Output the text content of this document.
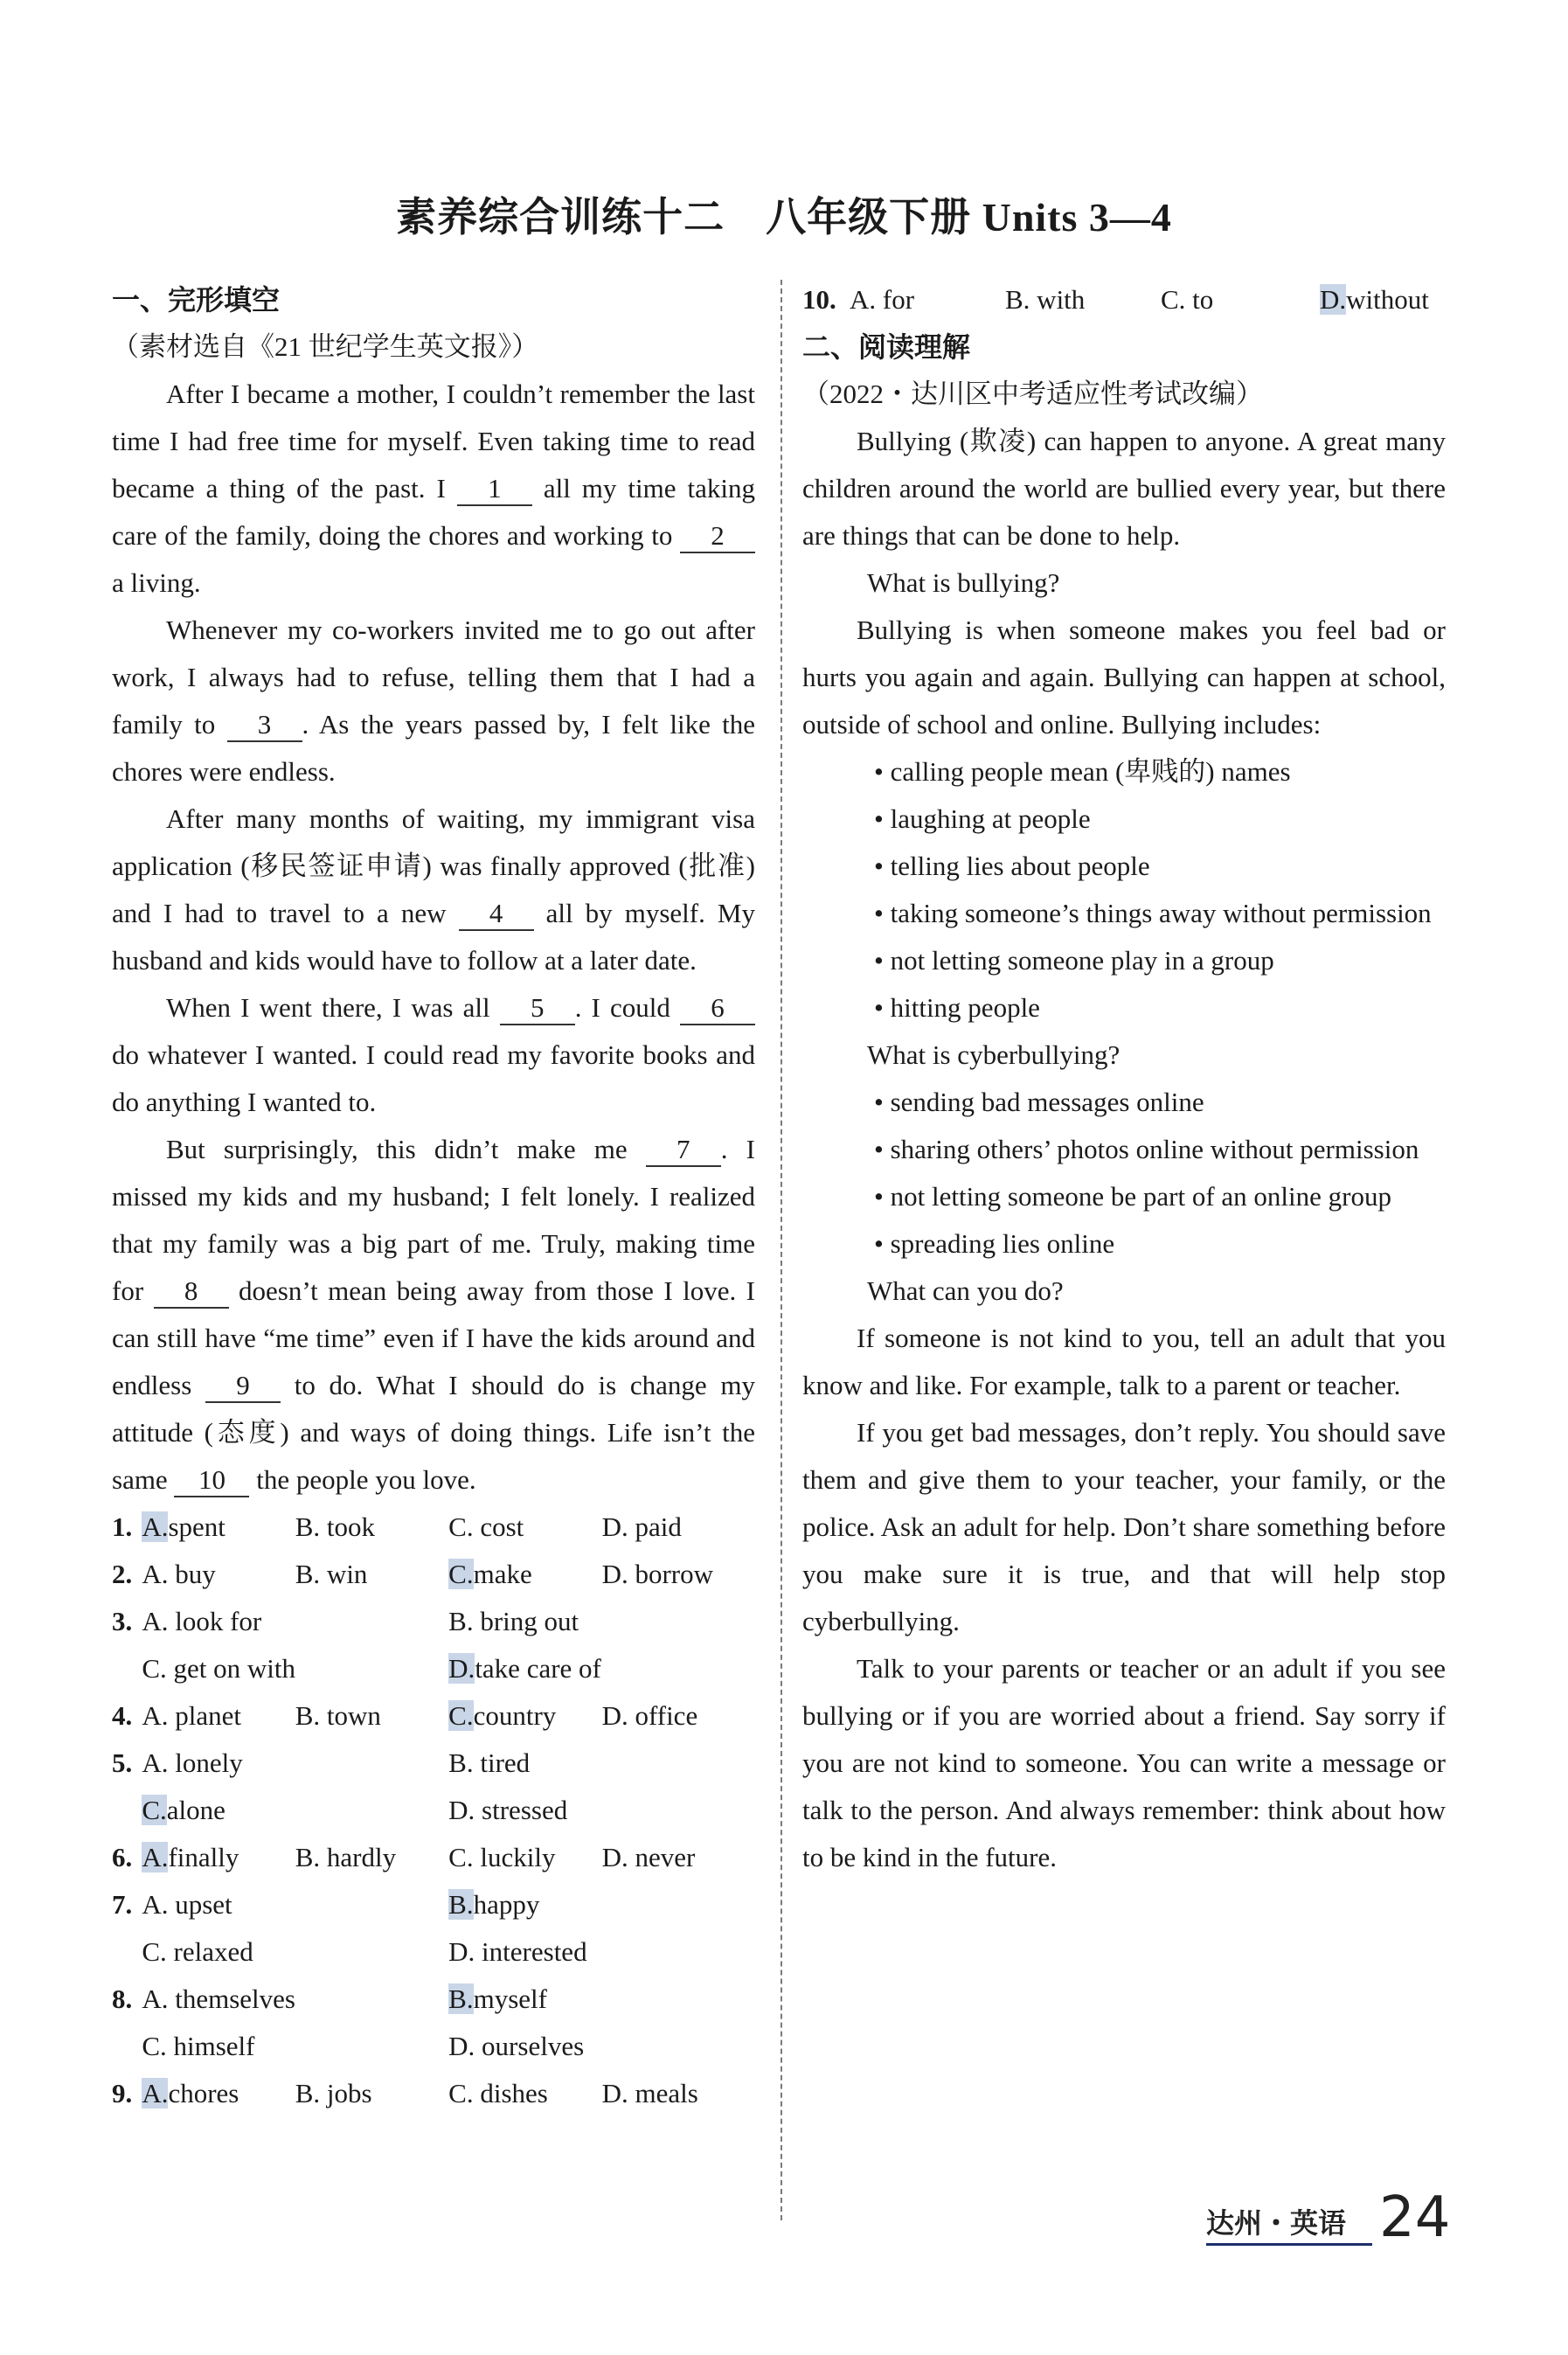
素养综合训练十二　八年级下册 Units 3—4
一、完形填空
（素材选自《21 世纪学生英文报》）

After I became a mother, I couldn’t remember the last time I had free time for myself. Even taking time to read became a thing of the past. I 1 all my time taking care of the family, doing the chores and working to 2 a living.

Whenever my co-workers invited me to go out after work, I always had to refuse, telling them that I had a family to 3 . As the years passed by, I felt like the chores were endless.

After many months of waiting, my immigrant visa application (移民签证申请) was finally approved (批准) and I had to travel to a new 4 all by myself. My husband and kids would have to follow at a later date.

When I went there, I was all 5 . I could 6 do whatever I wanted. I could read my favorite books and do anything I wanted to.

But surprisingly, this didn’t make me 7 . I missed my kids and my husband; I felt lonely. I realized that my family was a big part of me. Truly, making time for 8 doesn’t mean being away from those I love. I can still have “me time” even if I have the kids around and endless 9 to do. What I should do is change my attitude (态度) and ways of doing things. Life isn’t the same 10 the people you love.

1. A.spent	B. took	C. cost	D. paid
2. A. buy	B. win	C.make	D. borrow
3. A. look for	B. bring out
C. get on with	D.take care of
4. A. planet	B. town	C.country	D. office
5. A. lonely	B. tired
C.alone	D. stressed
6. A.finally	B. hardly	C. luckily	D. never
7. A. upset	B.happy
C. relaxed	D. interested
8. A. themselves	B.myself
C. himself	D. ourselves
9. A.chores	B. jobs	C. dishes	D. meals
10. A. for	B. with	C. to	D.without
二、阅读理解
（2022・达川区中考适应性考试改编）

Bullying (欺凌) can happen to anyone. A great many children around the world are bullied every year, but there are things that can be done to help.

What is bullying?

Bullying is when someone makes you feel bad or hurts you again and again. Bullying can happen at school, outside of school and online. Bullying includes:

• calling people mean (卑贱的) names

• laughing at people

• telling lies about people

• taking someone’s things away without permission

• not letting someone play in a group

• hitting people

What is cyberbullying?

• sending bad messages online

• sharing others’ photos online without permission

• not letting someone be part of an online group

• spreading lies online

What can you do?

If someone is not kind to you, tell an adult that you know and like. For example, talk to a parent or teacher.

If you get bad messages, don’t reply. You should save them and give them to your teacher, your family, or the police. Ask an adult for help. Don’t share something before you make sure it is true, and that will help stop cyberbullying.

Talk to your parents or teacher or an adult if you see bullying or if you are worried about a friend. Say sorry if you are not kind to someone. You can write a message or talk to the person. And always remember: think about how to be kind in the future.

达州・英语 24
